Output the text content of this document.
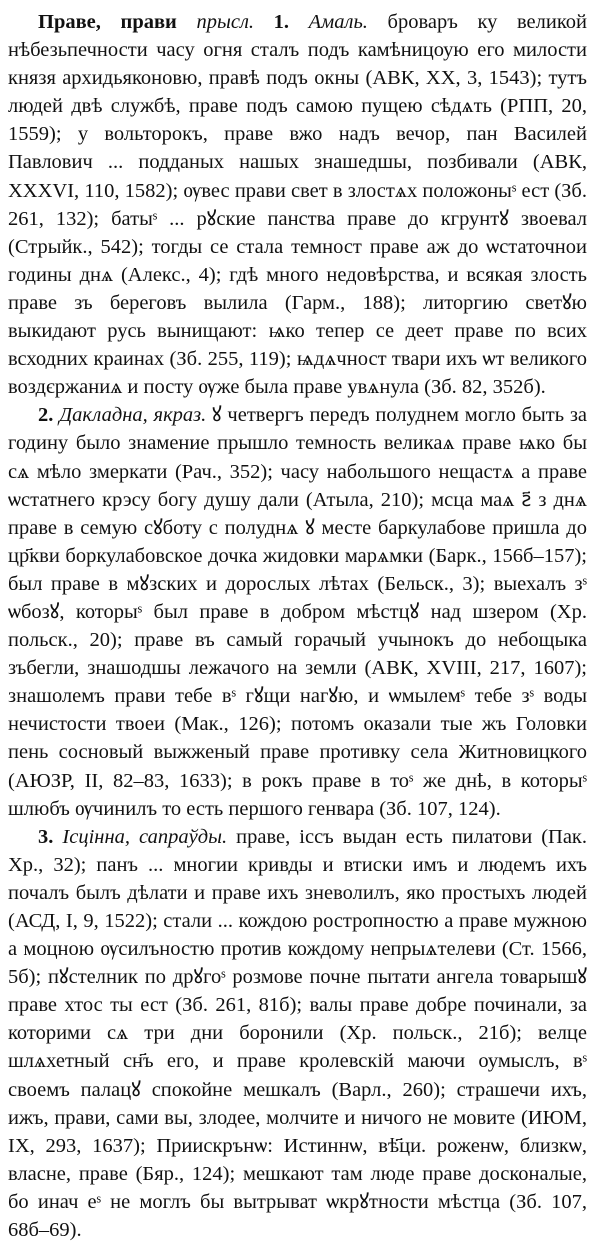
Праве, прави прысл. 1. Амаль. броваръ ку великой нѣбезьпечности часу огня сталъ подъ камѣницоую его милости князя архидьяконовю, правѣ подъ окны (АВК, XX, 3, 1543); тутъ людей двѣ службѣ, праве подъ самою пущею сѣдѧть (РПП, 20, 1559); у вольторокъ, праве вжо надъ вечор, пан Василей Павлович ... подданых нашых знашедшы, позбивали (АВК, XXXVI, 110, 1582); ѹвес прави свет в злостѧх положоныˢ ест (Зб. 261, 132); батыˢ ... рꙋские панства праве до кгрунтꙋ звоевал (Стрыйк., 542); тогды се стала темност праве аж до ѡстаточнои годины днѧ (Алекс., 4); гдѣ много недовѣрства, и всякая злость праве зъ береговъ вылила (Гарм., 188); литоргию светꙋю выкидают русь вынищают: ѩко тепер се деет праве по всих всходних краинах (Зб. 255, 119); ѩдѧчност твари ихъ ѡт великого воздєржаниѧ и посту ѹже была праве увѧнула (Зб. 82, 352б).

2. Дакладна, якраз. ꙋ четвергъ передъ полуднем могло быть за годину было знамение прышло темность великаѧ праве ѩко бы сѧ мѣло змеркати (Рач., 352); часу набольшого нещастѧ а праве ѡстатнего крэсу богу душу дали (Атыла, 210); мсца маѧ ꙅ҃ з днѧ праве в семую сꙋботу с полуднѧ ꙋ месте баркулабове пришла до цр҃кви боркулабовское дочка жидовки марѧмки (Барк., 156б–157); был праве в мꙋзских и дорослых лѣтах (Бельск., 3); выехалъ зˢ ѡбозꙋ, которыˢ был праве в добром мѣстцꙋ над шзером (Хр. польск., 20); праве въ самый горачый учынокъ до небощыка зъбегли, знашодшы лежачого на земли (АВК, XVIII, 217, 1607); знашолемъ прави тебе вˢ гꙋщи нагꙋю, и ѡмылемˢ тебе зˢ воды нечистости твоеи (Мак., 126); потомъ оказали тые жъ Головки пень сосновый выжженый праве противку села Житновицкого (АЮЗР, II, 82–83, 1633); в рокъ праве в тоˢ же днҍ, в которыˢ шлюбъ ѹчинилъ то есть першого генвара (Зб. 107, 124).

3. Ісцінна, сапраўды. праве, iссъ выдан есть пилатови (Пак. Хр., 32); панъ ... многии кривды и втиски имъ и людемъ ихъ почалъ былъ дѣлати и праве ихъ зневолилъ, яко простыхъ людей (АСД, I, 9, 1522); стали ... кождою ростропностю а праве мужною а моцною ѹсилъностю против кождому непрыѧтелеви (Ст. 1566, 5б); пꙋстелник по дрꙋгоˢ розмове почне пытати ангела товарышꙋ праве хтос ты ест (Зб. 261, 81б); валы праве добре починали, за которими сѧ три дни боронили (Хр. польск., 21б); велце шлѧхетный сн҃ъ его, и праве кролевскій маючи оумыслъ, вˢ своемъ палацꙋ спокойне мешкалъ (Варл., 260); страшечи ихъ, ижъ, прави, сами вы, злодее, молчите и ничого не мовите (ИЮМ, IX, 293, 1637); Приискрънѡ: Истиннѡ, вѣ҃ци. роженѡ, близкѡ, власне, праве (Бяр., 124); мешкают там люде праве досконалые, бо инач еˢ не моглъ бы вытрыват ѡкрꙋтности мѣстца (Зб. 107, 68б–69).
